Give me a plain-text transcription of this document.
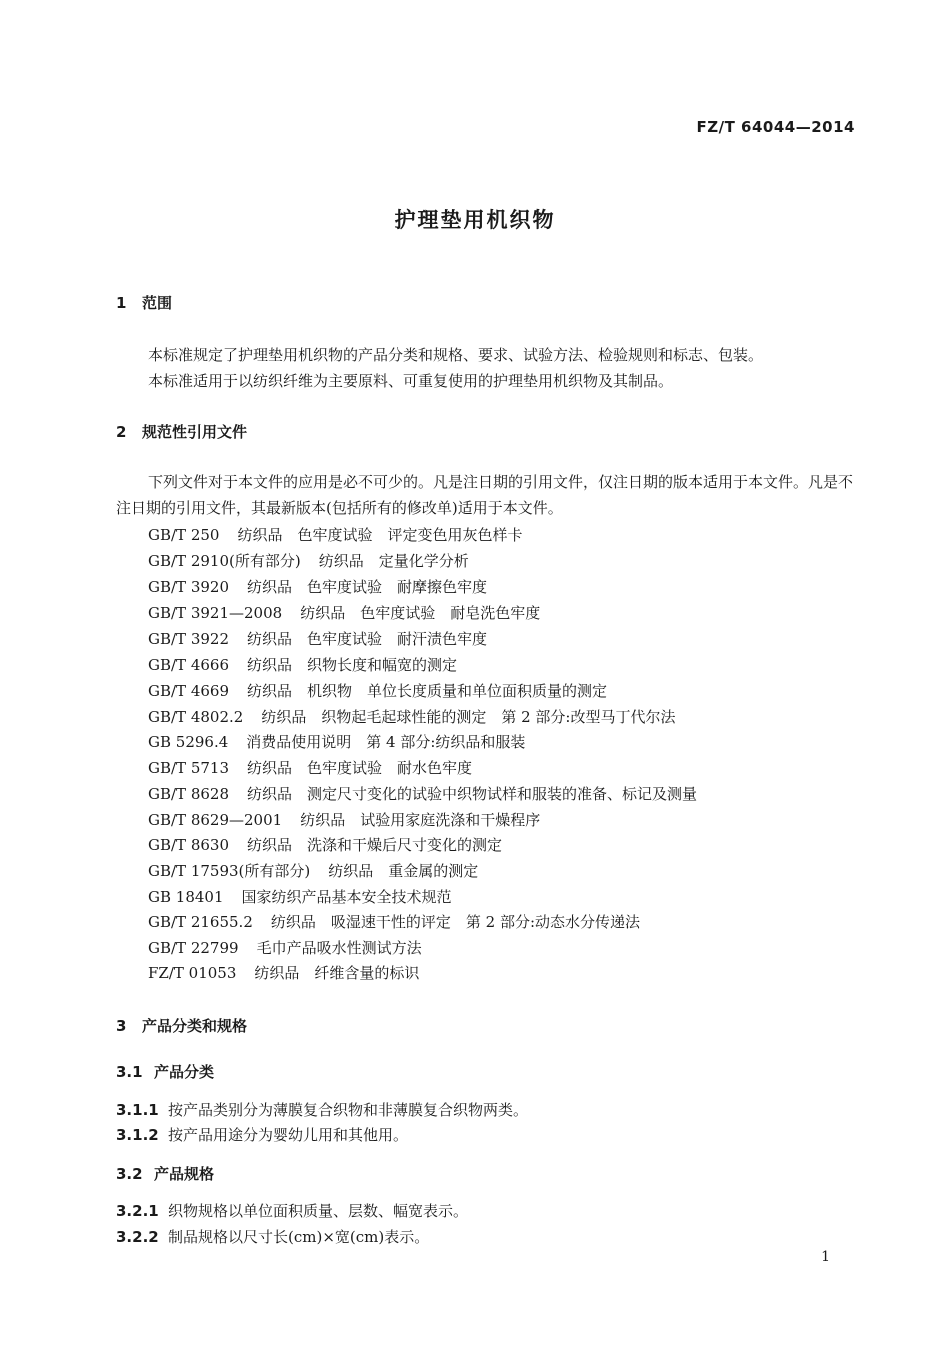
FZ/T 64044—2014
护理垫用机织物
1 范围
本标准规定了护理垫用机织物的产品分类和规格、要求、试验方法、检验规则和标志、包装。
本标准适用于以纺织纤维为主要原料、可重复使用的护理垫用机织物及其制品。
2 规范性引用文件
下列文件对于本文件的应用是必不可少的。凡是注日期的引用文件，仅注日期的版本适用于本文件。凡是不注日期的引用文件，其最新版本(包括所有的修改单)适用于本文件。
GB/T 250 纺织品　色牢度试验　评定变色用灰色样卡
GB/T 2910(所有部分) 纺织品　定量化学分析
GB/T 3920 纺织品　色牢度试验　耐摩擦色牢度
GB/T 3921—2008 纺织品　色牢度试验　耐皂洗色牢度
GB/T 3922 纺织品　色牢度试验　耐汗渍色牢度
GB/T 4666 纺织品　织物长度和幅宽的测定
GB/T 4669 纺织品　机织物　单位长度质量和单位面积质量的测定
GB/T 4802.2 纺织品　织物起毛起球性能的测定　第 2 部分:改型马丁代尔法
GB 5296.4 消费品使用说明　第 4 部分:纺织品和服装
GB/T 5713 纺织品　色牢度试验　耐水色牢度
GB/T 8628 纺织品　测定尺寸变化的试验中织物试样和服装的准备、标记及测量
GB/T 8629—2001 纺织品　试验用家庭洗涤和干燥程序
GB/T 8630 纺织品　洗涤和干燥后尺寸变化的测定
GB/T 17593(所有部分) 纺织品　重金属的测定
GB 18401 国家纺织产品基本安全技术规范
GB/T 21655.2 纺织品　吸湿速干性的评定　第 2 部分:动态水分传递法
GB/T 22799 毛巾产品吸水性测试方法
FZ/T 01053 纺织品　纤维含量的标识
3 产品分类和规格
3.1 产品分类
3.1.1 按产品类别分为薄膜复合织物和非薄膜复合织物两类。
3.1.2 按产品用途分为婴幼儿用和其他用。
3.2 产品规格
3.2.1 织物规格以单位面积质量、层数、幅宽表示。
3.2.2 制品规格以尺寸长(cm)×宽(cm)表示。
1
